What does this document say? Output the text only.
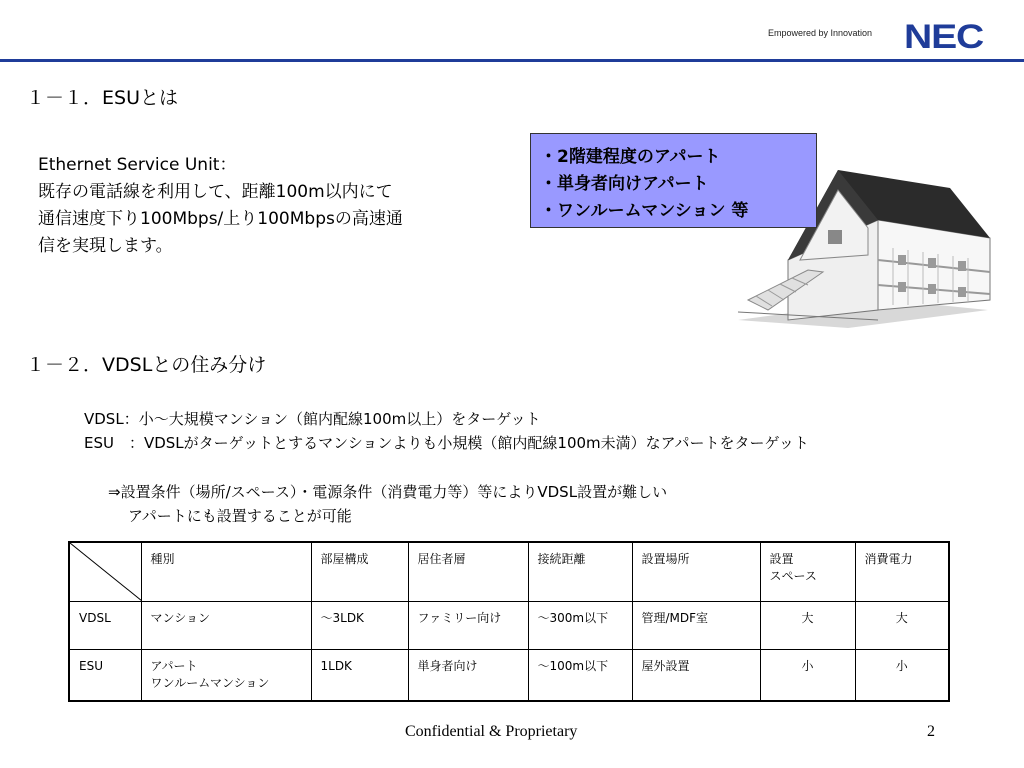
Empowered by Innovation NEC
１－１．ESUとは
Ethernet Service Unit：
既存の電話線を利用して、距離100m以内にて
通信速度下り100Mbps/上り100Mbpsの高速通
信を実現します。
・2階建程度のアパート
・単身者向けアパート
・ワンルームマンション 等
１－２．VDSLとの住み分け
VDSL：小～大規模マンション（館内配線100m以上）をターゲット
ESU　：VDSLがターゲットとするマンションよりも小規模（館内配線100m未満）なアパートをターゲット
⇒設置条件（場所/スペース）・電源条件（消費電力等）等によりVDSL設置が難しい
アパートにも設置することが可能
	種別	部屋構成	居住者層	接続距離	設置場所	設置
スペース	消費電力
VDSL	マンション	～3LDK	ファミリー向け	～300m以下	管理/MDF室	大	大
ESU	アパート
ワンルームマンション	1LDK	単身者向け	～100m以下	屋外設置	小	小
Confidential & Proprietary	2
